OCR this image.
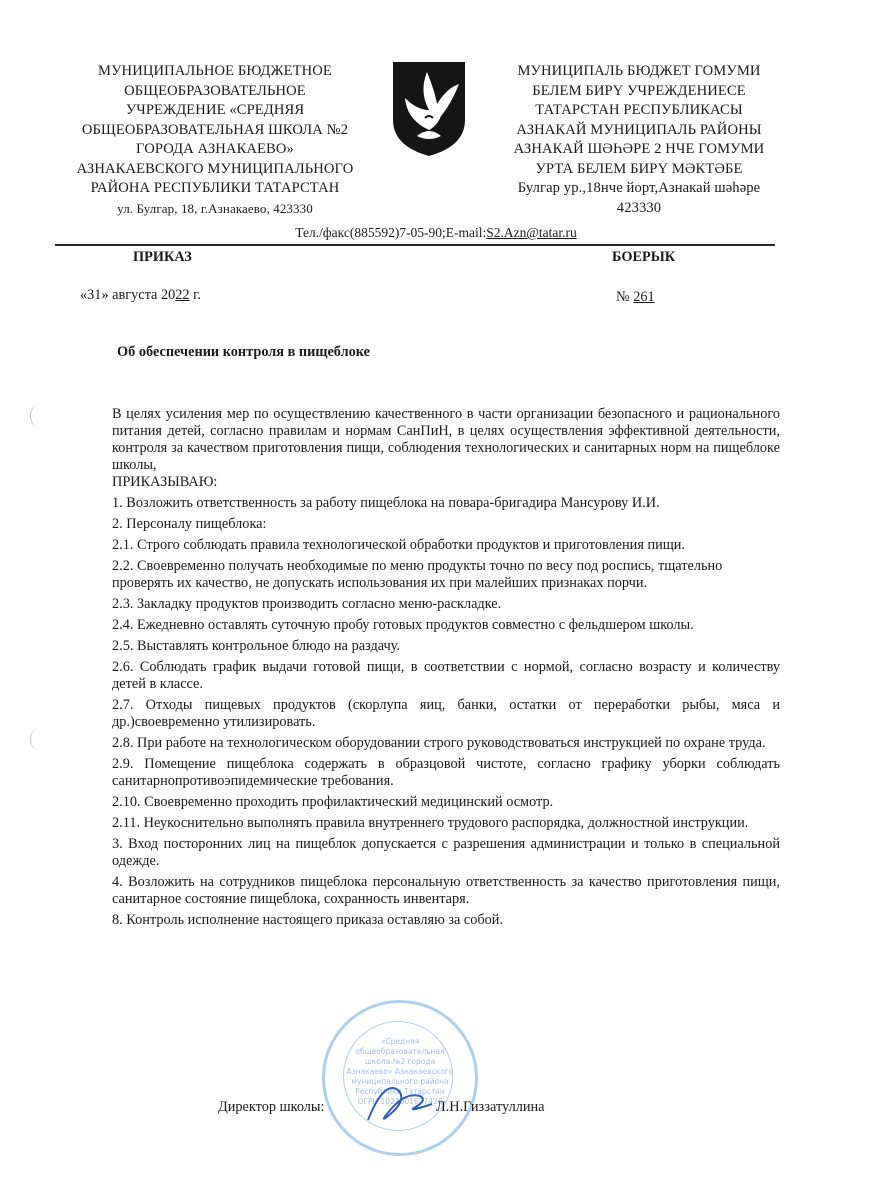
МУНИЦИПАЛЬНОЕ БЮДЖЕТНОЕ
ОБЩЕОБРАЗОВАТЕЛЬНОЕ
УЧРЕЖДЕНИЕ «СРЕДНЯЯ
ОБЩЕОБРАЗОВАТЕЛЬНАЯ ШКОЛА №2
ГОРОДА АЗНАКАЕВО»
АЗНАКАЕВСКОГО МУНИЦИПАЛЬНОГО
РАЙОНА РЕСПУБЛИКИ ТАТАРСТАН
ул. Булгар, 18, г.Азнакаево, 423330
МУНИЦИПАЛЬ БЮДЖЕТ ГОМУМИ
БЕЛЕМ БИРҮ УЧРЕЖДЕНИЕСЕ
ТАТАРСТАН РЕСПУБЛИКАСЫ
АЗНАКАЙ МУНИЦИПАЛЬ РАЙОНЫ
АЗНАКАЙ ШӘҺӘРЕ 2 НЧЕ ГОМУМИ
УРТА БЕЛЕМ БИРҮ МӘКТӘБЕ
Булгар ур.,18нче йорт,Азнакай шәһәре
423330
Тел./факс(885592)7-05-90;E-mail:S2.Azn@tatar.ru
ПРИКАЗ	БОЕРЫК
«31» августа 2022 г.	№ 261
Об обеспечении контроля в пищеблоке

В целях усиления мер по осуществлению качественного в части организации безопасного и рационального питания детей, согласно правилам и нормам СанПиН, в целях осуществления эффективной деятельности, контроля за качеством приготовления пищи, соблюдения технологических и санитарных норм на пищеблоке школы,

ПРИКАЗЫВАЮ:

1. Возложить ответственность за работу пищеблока на повара-бригадира Мансурову И.И.

2. Персоналу пищеблока:

2.1. Строго соблюдать правила технологической обработки продуктов и приготовления пищи.

2.2. Своевременно получать необходимые по меню продукты точно по весу под роспись, тщательно проверять их качество, не допускать использования их при малейших признаках порчи.

2.3. Закладку продуктов производить согласно меню-раскладке.

2.4. Ежедневно оставлять суточную пробу готовых продуктов совместно с фельдшером школы.

2.5. Выставлять контрольное блюдо на раздачу.

2.6. Соблюдать график выдачи готовой пищи, в соответствии с нормой, согласно возрасту и количеству детей в классе.

2.7. Отходы пищевых продуктов (скорлупа яиц, банки, остатки от переработки рыбы, мяса и др.)своевременно утилизировать.

2.8. При работе на технологическом оборудовании строго руководствоваться инструкцией по охране труда.

2.9. Помещение пищеблока содержать в образцовой чистоте, согласно графику уборки соблюдать санитарнопротивоэпидемические требования.

2.10. Своевременно проходить профилактический медицинский осмотр.

2.11. Неукоснительно выполнять правила внутреннего трудового распорядка, должностной инструкции.

3. Вход посторонних лиц на пищеблок допускается с разрешения администрации и только в специальной одежде.

4. Возложить на сотрудников пищеблока персональную ответственность за качество приготовления пищи, санитарное состояние пищеблока, сохранность инвентаря.

8. Контроль исполнение настоящего приказа оставляю за собой.

«Средняя общеобразовательная школа №2 города Азнакаево» Азнакаевского муниципального района Республики Татарстан ОГРН 1021601627426
Директор школы:	Л.Н.Гиззатуллина
